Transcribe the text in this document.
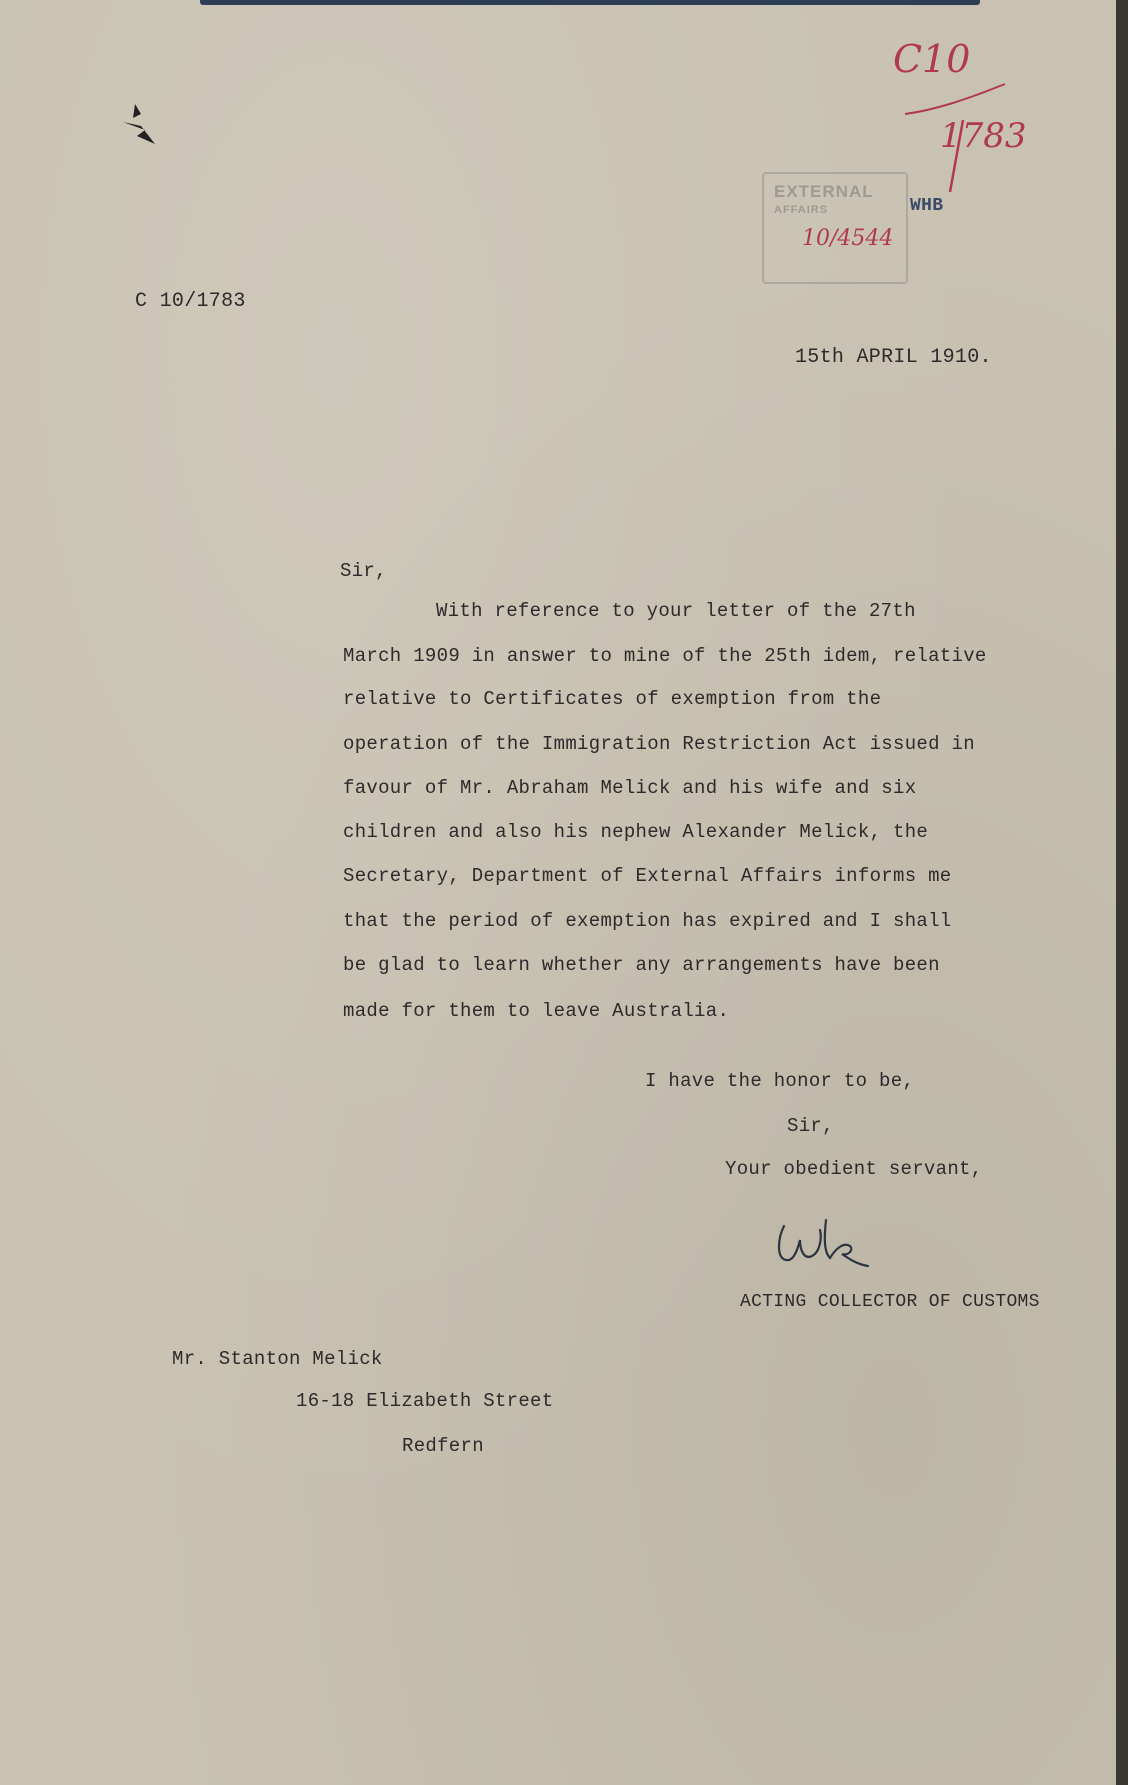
C10
1783
EXTERNAL
AFFAIRS
10/4544
WHB
C 10/1783
15th APRIL 1910.
Sir,
With reference to your letter of the 27th
March 1909 in answer to mine of the 25th idem, relative
relative to Certificates of exemption from the
operation of the Immigration Restriction Act issued in
favour of Mr. Abraham Melick and his wife and six
children and also his nephew Alexander Melick, the
Secretary, Department of External Affairs informs me
that the period of exemption has expired and I shall
be glad to learn whether any arrangements have been
made for them to leave Australia.
I have the honor to be,
Sir,
Your obedient servant,
ACTING COLLECTOR OF CUSTOMS
Mr. Stanton Melick
16-18 Elizabeth Street
Redfern
